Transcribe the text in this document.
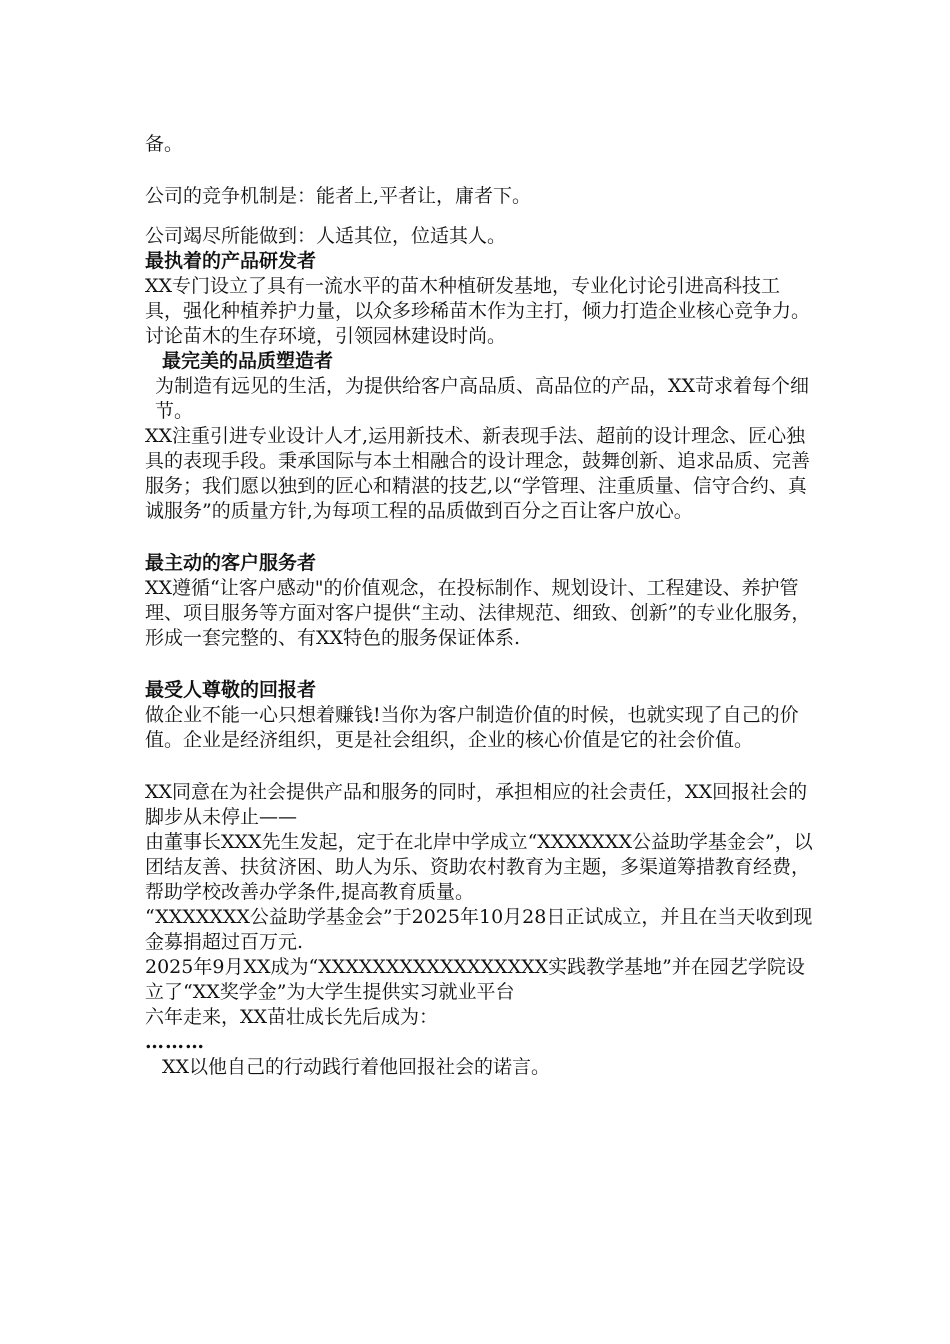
备。

公司的竞争机制是：能者上,平者让，庸者下。

公司竭尽所能做到：人适其位，位适其人。

最执着的产品研发者

XX专门设立了具有一流水平的苗木种植研发基地，专业化讨论引进高科技工具，强化种植养护力量，以众多珍稀苗木作为主打，倾力打造企业核心竞争力。讨论苗木的生存环境，引领园林建设时尚。

最完美的品质塑造者

为制造有远见的生活，为提供给客户高品质、高品位的产品，XX苛求着每个细节。

XX注重引进专业设计人才,运用新技术、新表现手法、超前的设计理念、匠心独具的表现手段。秉承国际与本土相融合的设计理念，鼓舞创新、追求品质、完善服务；我们愿以独到的匠心和精湛的技艺,以“学管理、注重质量、信守合约、真诚服务”的质量方针,为每项工程的品质做到百分之百让客户放心。

最主动的客户服务者

XX遵循“让客户感动"的价值观念，在投标制作、规划设计、工程建设、养护管理、项目服务等方面对客户提供“主动、法律规范、细致、创新”的专业化服务，形成一套完整的、有XX特色的服务保证体系.

最受人尊敬的回报者

做企业不能一心只想着赚钱!当你为客户制造价值的时候，也就实现了自己的价值。企业是经济组织，更是社会组织，企业的核心价值是它的社会价值。

XX同意在为社会提供产品和服务的同时，承担相应的社会责任，XX回报社会的脚步从未停止——

由董事长XXX先生发起，定于在北岸中学成立“XXXXXXX公益助学基金会”，以团结友善、扶贫济困、助人为乐、资助农村教育为主题，多渠道筹措教育经费，帮助学校改善办学条件,提高教育质量。

“XXXXXXX公益助学基金会”于2025年10月28日正试成立，并且在当天收到现金募捐超过百万元.

2025年9月XX成为“XXXXXXXXXXXXXXXXX实践教学基地”并在园艺学院设立了“XX奖学金”为大学生提供实习就业平台

六年走来，XX苗壮成长先后成为：

………

XX以他自己的行动践行着他回报社会的诺言。
